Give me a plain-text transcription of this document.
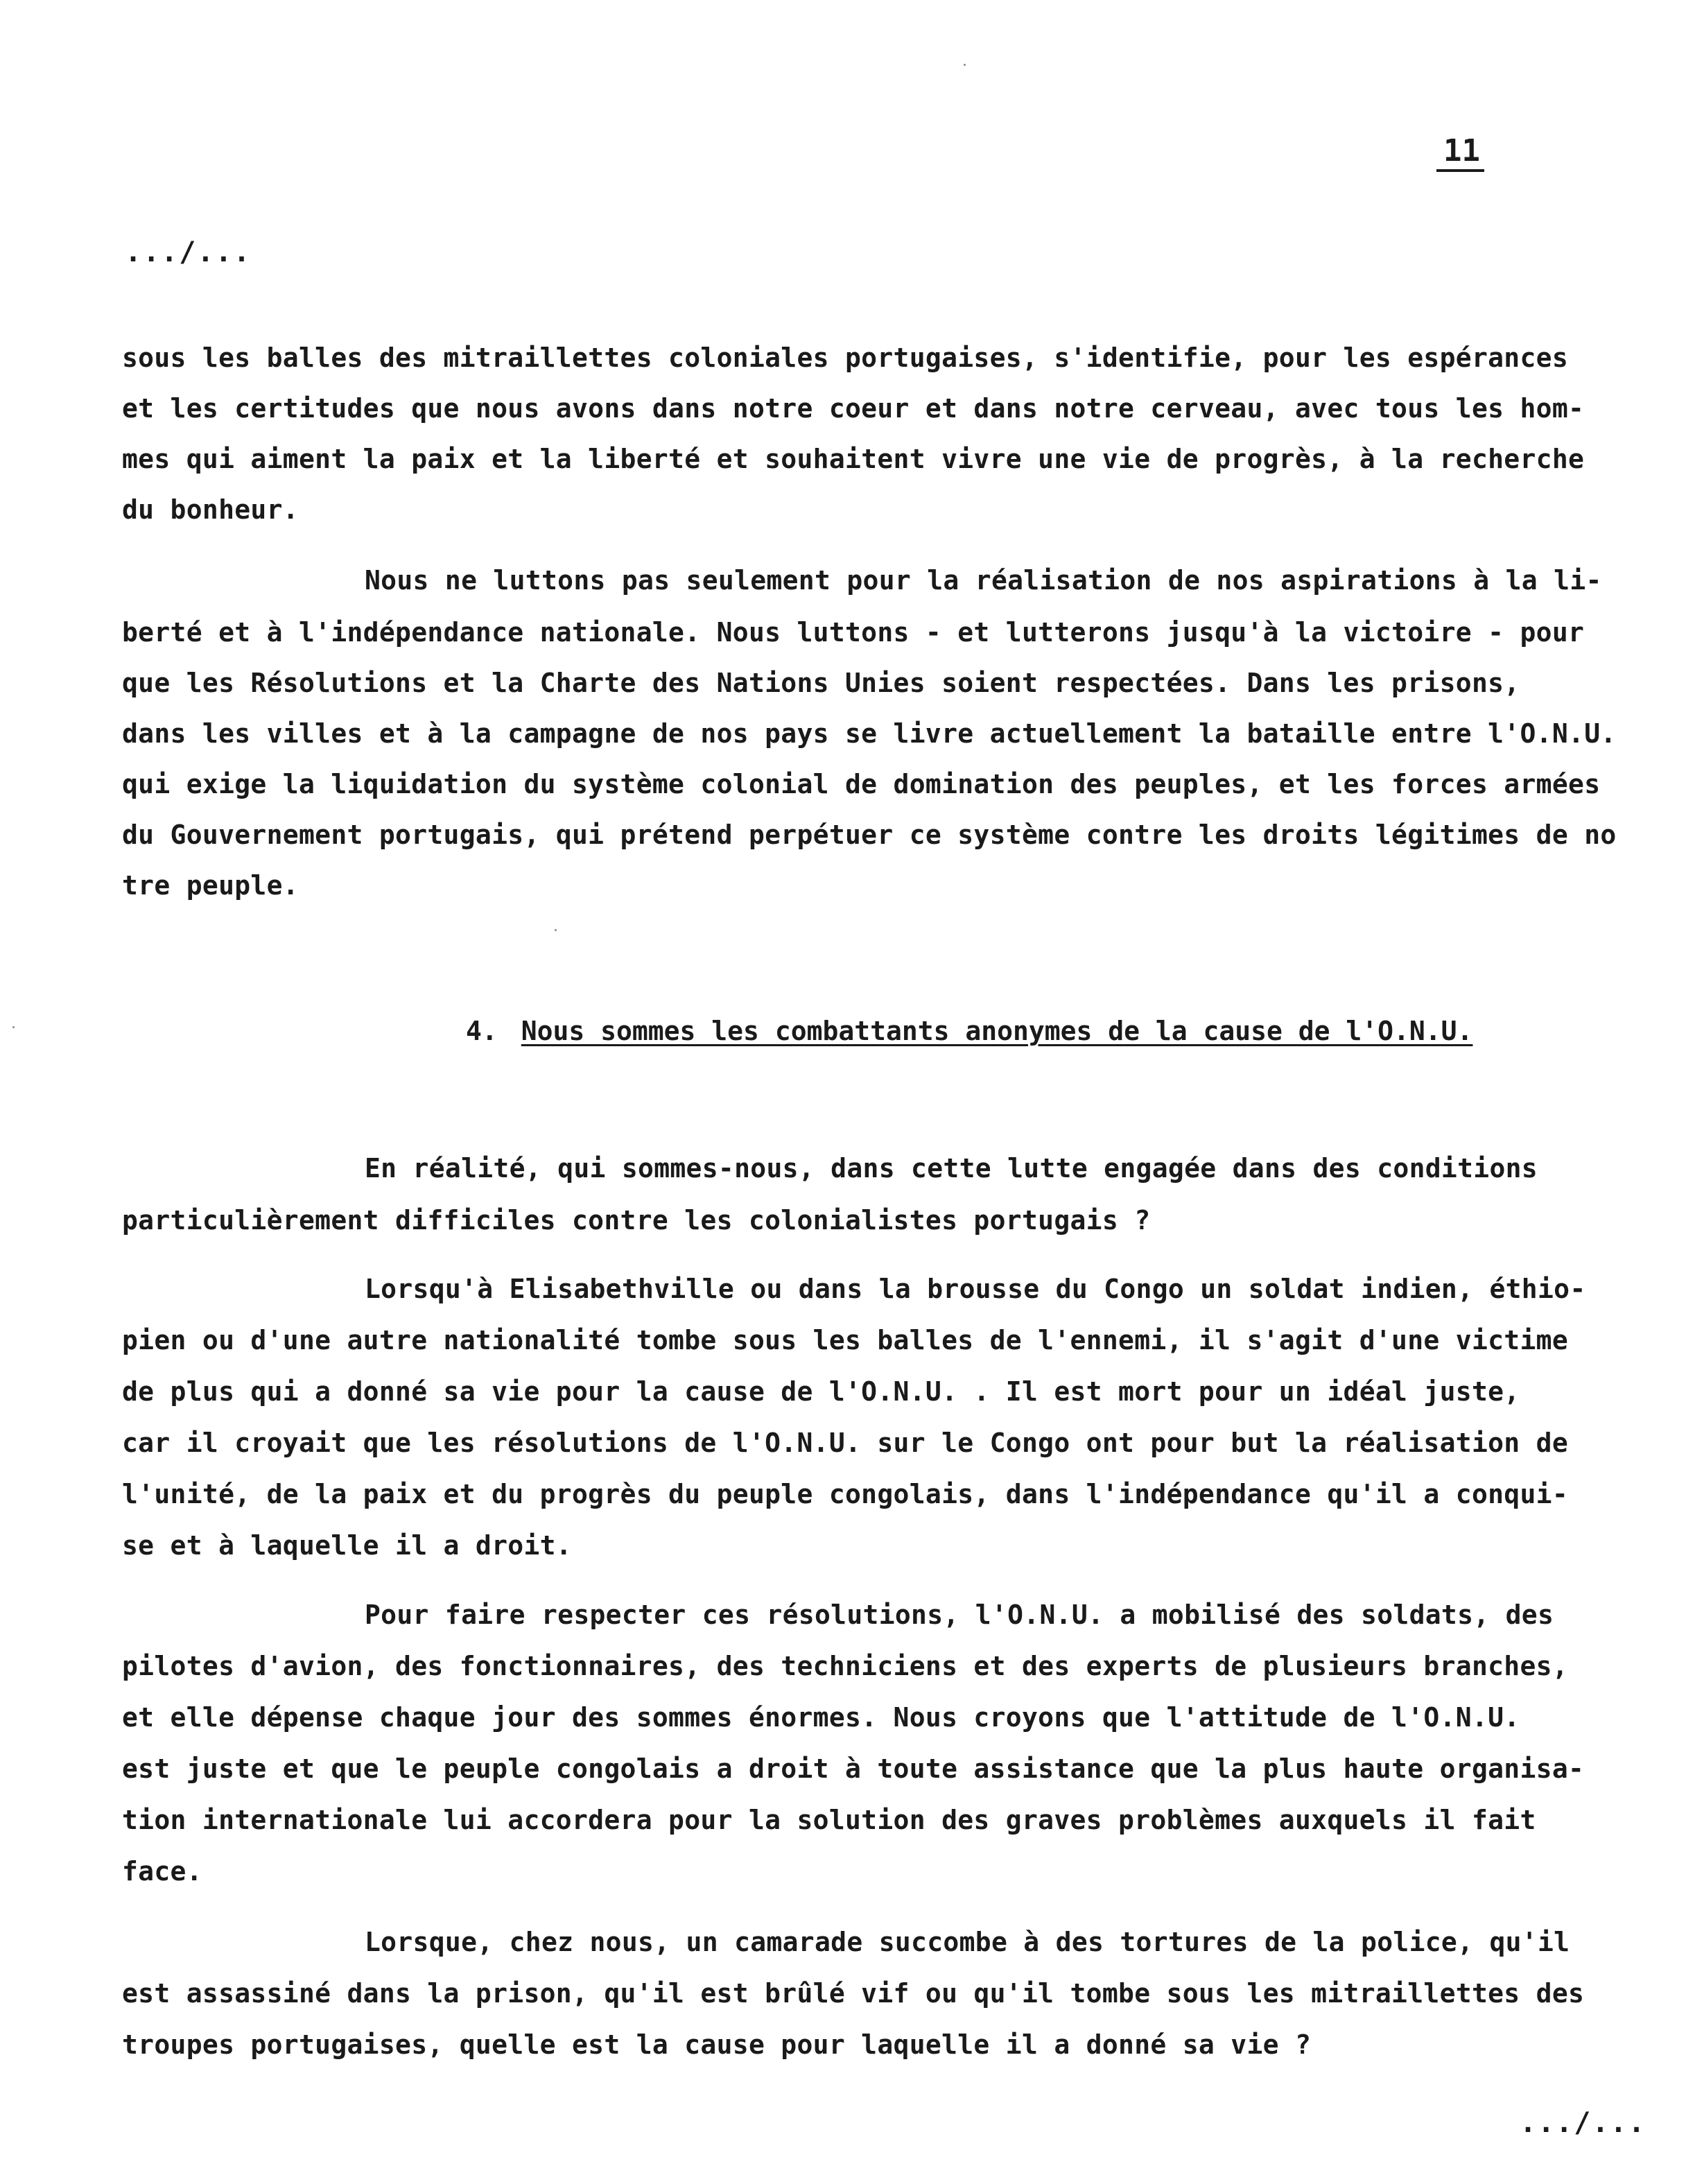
11
.../...
sous les balles des mitraillettes coloniales portugaises, s'identifie, pour les espérances
et les certitudes que nous avons dans notre coeur et dans notre cerveau, avec tous les hom-
mes qui aiment la paix et la liberté et souhaitent vivre une vie de progrès, à la recherche
du bonheur.
Nous ne luttons pas seulement pour la réalisation de nos aspirations à la li-
berté et à l'indépendance nationale. Nous luttons - et lutterons jusqu'à la victoire - pour
que les Résolutions et la Charte des Nations Unies soient respectées. Dans les prisons,
dans les villes et à la campagne de nos pays se livre actuellement la bataille entre l'O.N.U.
qui exige la liquidation du système colonial de domination des peuples, et les forces armées
du Gouvernement portugais, qui prétend perpétuer ce système contre les droits légitimes de no
tre peuple.
4. Nous sommes les combattants anonymes de la cause de l'O.N.U.
En réalité, qui sommes-nous, dans cette lutte engagée dans des conditions
particulièrement difficiles contre les colonialistes portugais ?
Lorsqu'à Elisabethville ou dans la brousse du Congo un soldat indien, éthio-
pien ou d'une autre nationalité tombe sous les balles de l'ennemi, il s'agit d'une victime
de plus qui a donné sa vie pour la cause de l'O.N.U. . Il est mort pour un idéal juste,
car il croyait que les résolutions de l'O.N.U. sur le Congo ont pour but la réalisation de
l'unité, de la paix et du progrès du peuple congolais, dans l'indépendance qu'il a conqui-
se et à laquelle il a droit.
Pour faire respecter ces résolutions, l'O.N.U. a mobilisé des soldats, des
pilotes d'avion, des fonctionnaires, des techniciens et des experts de plusieurs branches,
et elle dépense chaque jour des sommes énormes. Nous croyons que l'attitude de l'O.N.U.
est juste et que le peuple congolais a droit à toute assistance que la plus haute organisa-
tion internationale lui accordera pour la solution des graves problèmes auxquels il fait
face.
Lorsque, chez nous, un camarade succombe à des tortures de la police, qu'il
est assassiné dans la prison, qu'il est brûlé vif ou qu'il tombe sous les mitraillettes des
troupes portugaises, quelle est la cause pour laquelle il a donné sa vie ?
.../...
